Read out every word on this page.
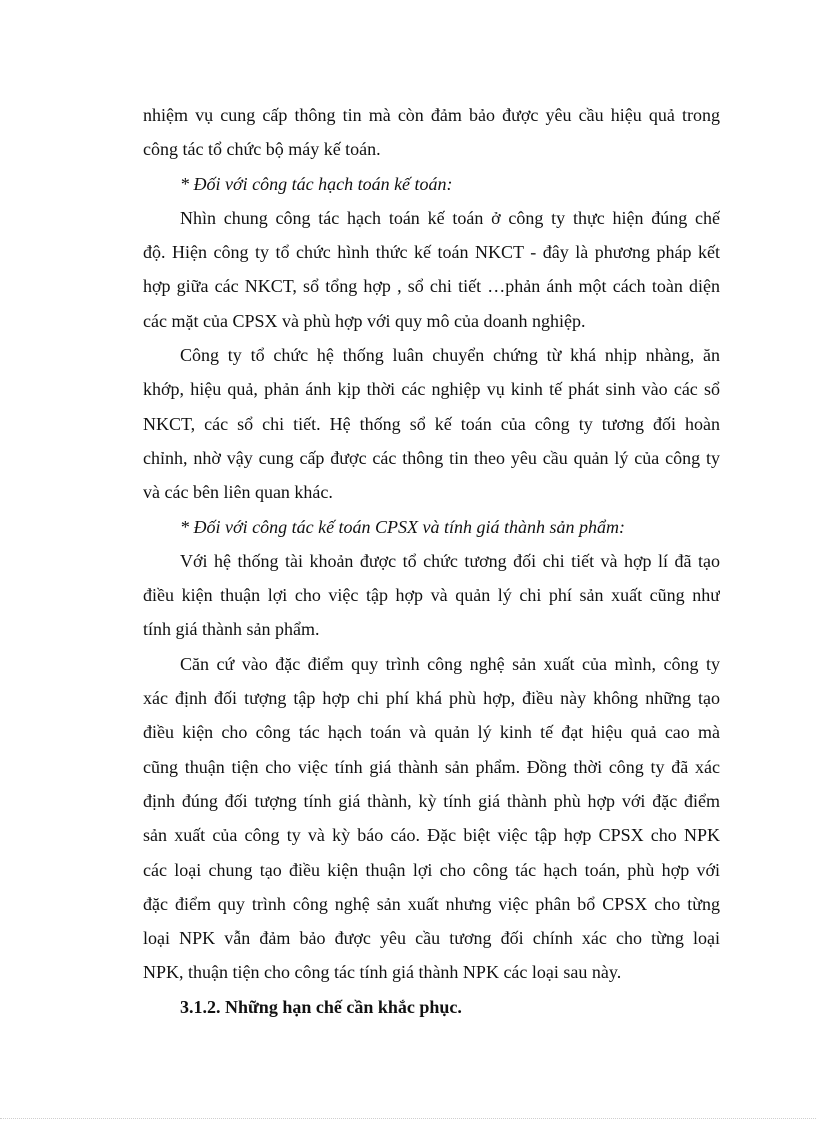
nhiệm vụ cung cấp thông tin mà còn đảm bảo được yêu cầu hiệu quả trong
công tác tổ chức bộ máy kế toán.

* Đối với công tác hạch toán kế toán:

Nhìn chung công tác hạch toán kế toán ở công ty thực hiện đúng chế
độ. Hiện công ty tổ chức hình thức kế toán NKCT - đây là phương pháp kết
hợp giữa các NKCT, sổ tổng hợp , sổ chi tiết …phản ánh một cách toàn diện
các mặt của CPSX và phù hợp với quy mô của doanh nghiệp.

Công ty tổ chức hệ thống luân chuyển chứng từ khá nhịp nhàng, ăn
khớp, hiệu quả, phản ánh kịp thời các nghiệp vụ kinh tế phát sinh vào các sổ
NKCT, các sổ chi tiết. Hệ thống sổ kế toán của công ty tương đối hoàn
chỉnh, nhờ vậy cung cấp được các thông tin theo yêu cầu quản lý của công ty
và các bên liên quan khác.

* Đối với công tác kế toán CPSX và tính giá thành sản phẩm:

Với hệ thống tài khoản được tổ chức tương đối chi tiết và hợp lí đã tạo
điều kiện thuận lợi cho việc tập hợp và quản lý chi phí sản xuất cũng như
tính giá thành sản phẩm.

Căn cứ vào đặc điểm quy trình công nghệ sản xuất của mình, công ty
xác định đối tượng tập hợp chi phí khá phù hợp, điều này không những tạo
điều kiện cho công tác hạch toán và quản lý kinh tế đạt hiệu quả cao mà
cũng thuận tiện cho việc tính giá thành sản phẩm. Đồng thời công ty đã xác
định đúng đối tượng tính giá thành, kỳ tính giá thành phù hợp với đặc điểm
sản xuất của công ty và kỳ báo cáo. Đặc biệt việc tập hợp CPSX cho NPK
các loại chung tạo điều kiện thuận lợi cho công tác hạch toán, phù hợp với
đặc điểm quy trình công nghệ sản xuất nhưng việc phân bổ CPSX cho từng
loại NPK vẫn đảm bảo được yêu cầu tương đối chính xác cho từng loại
NPK, thuận tiện cho công tác tính giá thành NPK các loại sau này.

3.1.2. Những hạn chế cần khắc phục.
